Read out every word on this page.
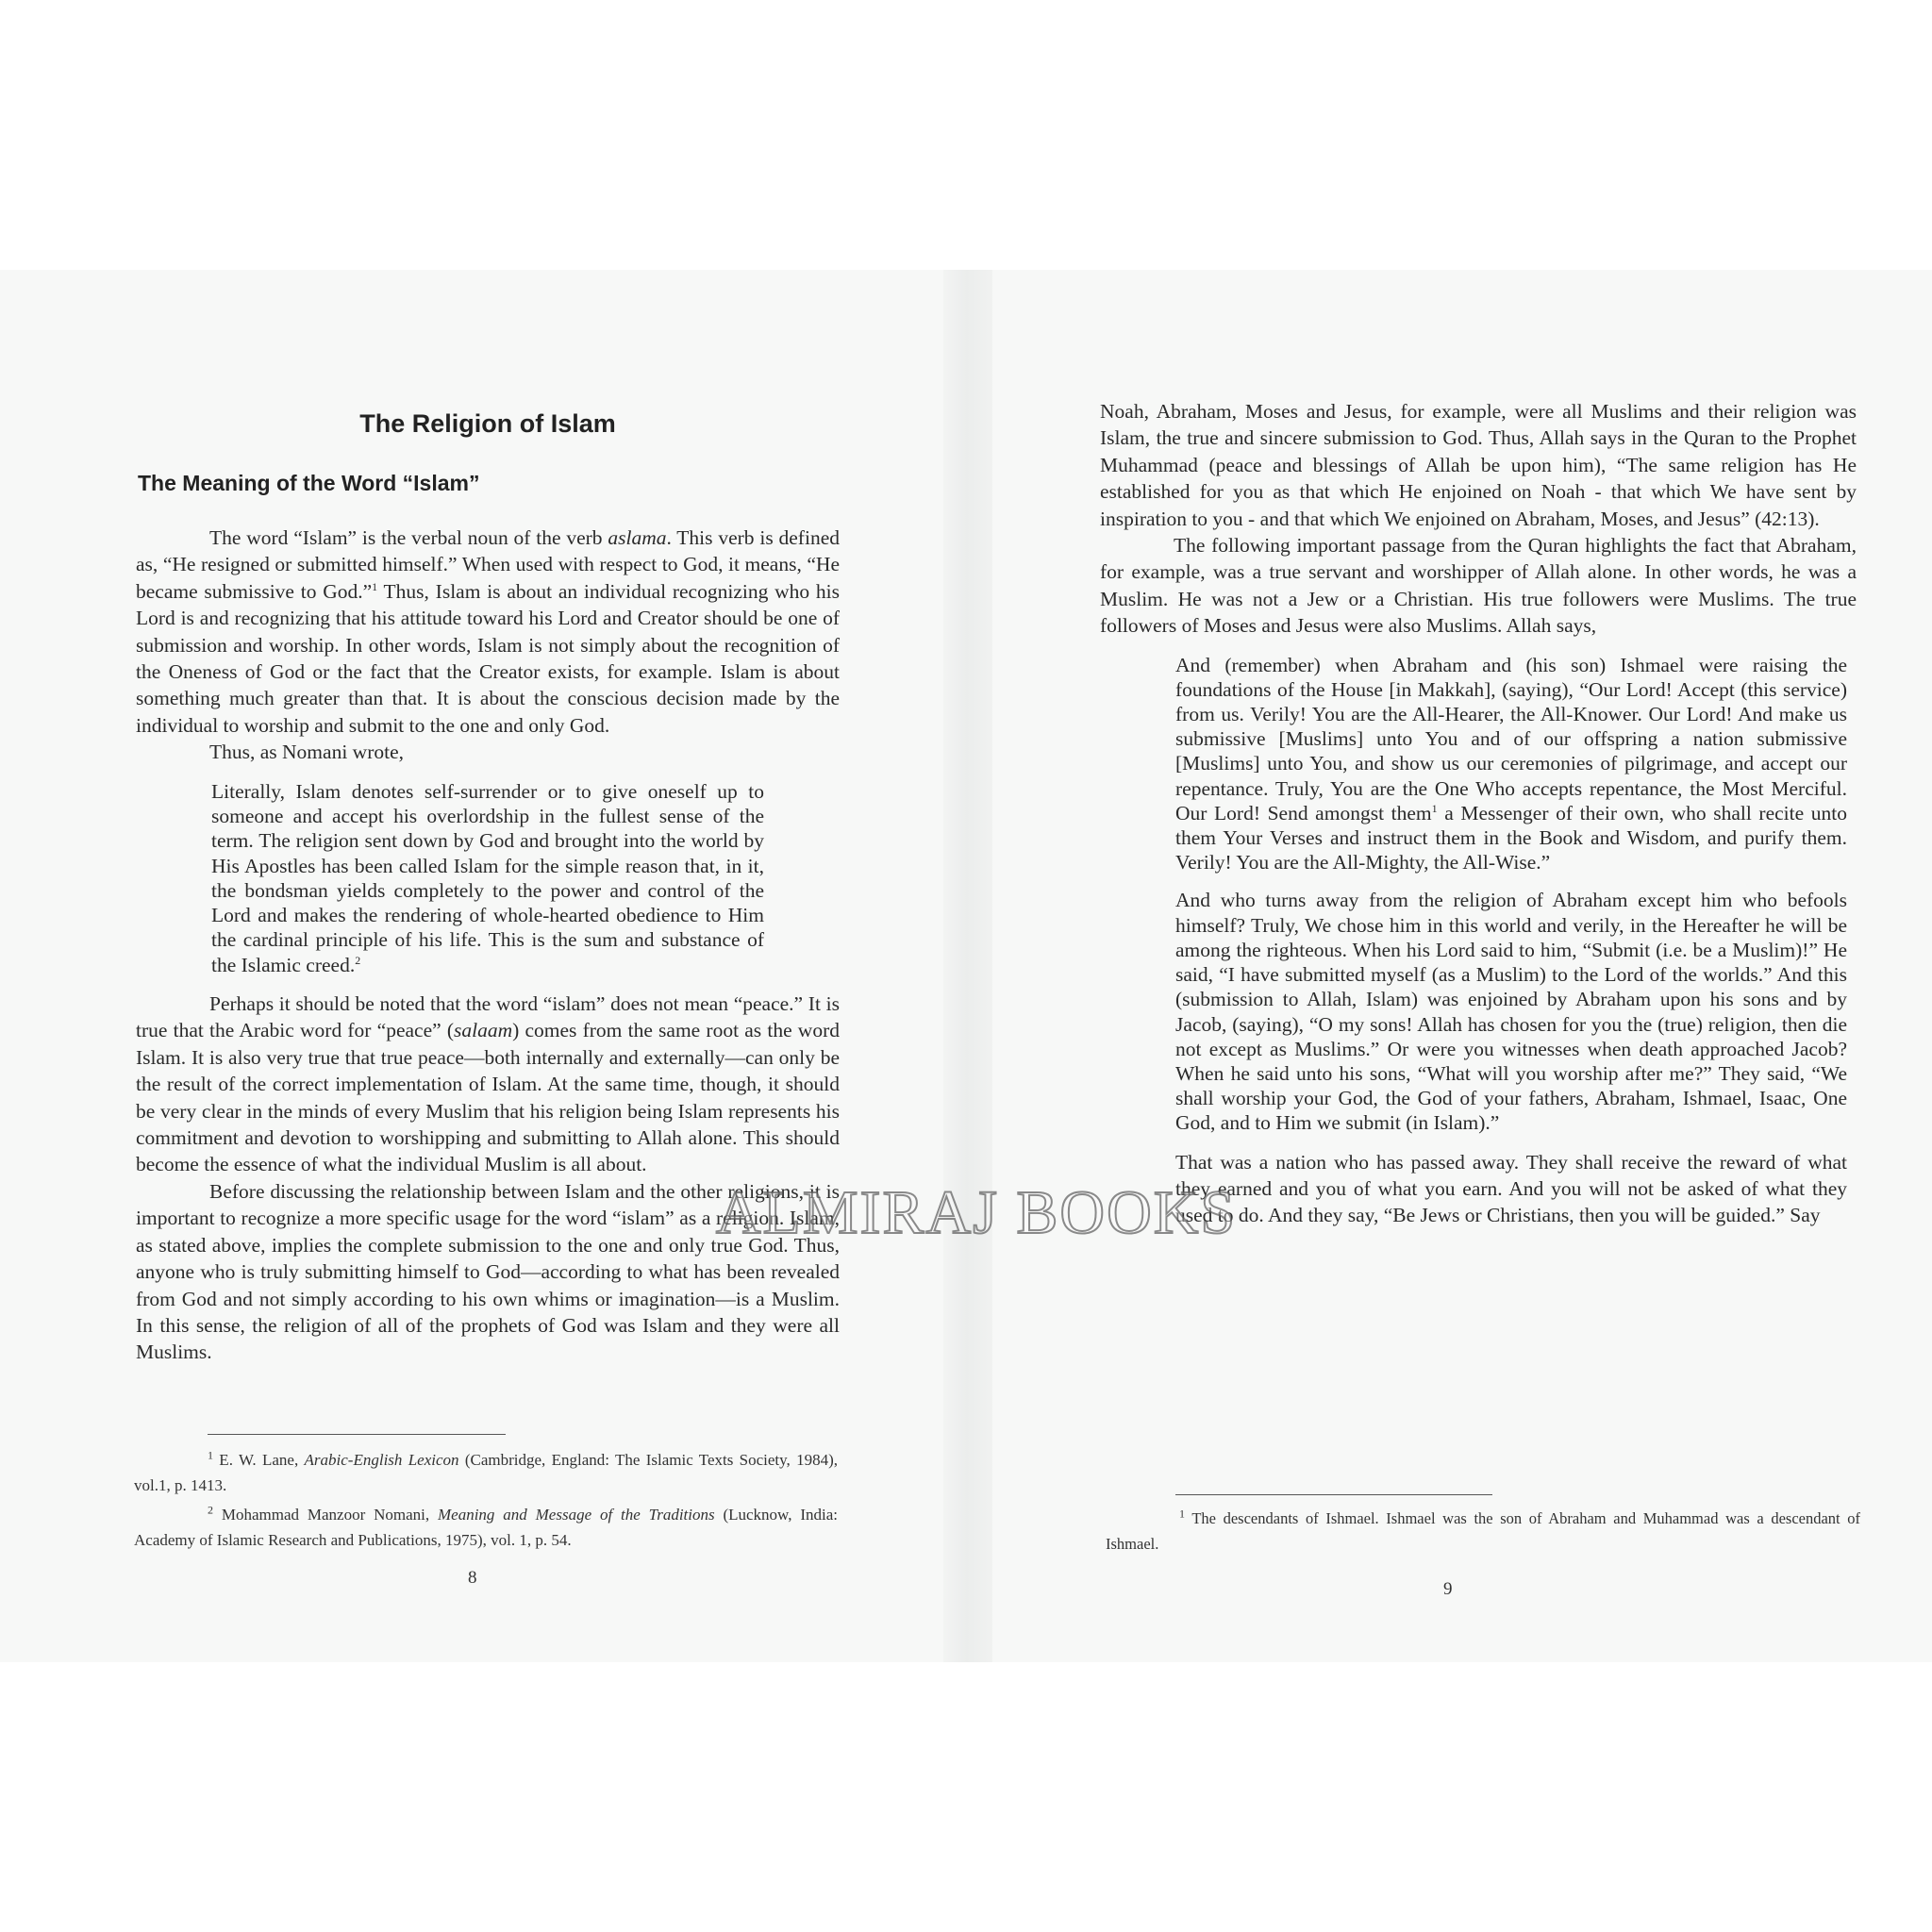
The Religion of Islam
The Meaning of the Word “Islam”

The word “Islam” is the verbal noun of the verb aslama. This verb is defined as, “He resigned or submitted himself.” When used with respect to God, it means, “He became submissive to God.”$^1$ Thus, Islam is about an individual recognizing who his Lord is and recognizing that his attitude toward his Lord and Creator should be one of submission and worship. In other words, Islam is not simply about the recognition of the Oneness of God or the fact that the Creator exists, for example. Islam is about something much greater than that. It is about the conscious decision made by the individual to worship and submit to the one and only God.

Thus, as Nomani wrote,

Literally, Islam denotes self-surrender or to give oneself up to someone and accept his overlordship in the fullest sense of the term. The religion sent down by God and brought into the world by His Apostles has been called Islam for the simple reason that, in it, the bondsman yields completely to the power and control of the Lord and makes the rendering of whole-hearted obedience to Him the cardinal principle of his life. This is the sum and substance of the Islamic creed.$^2$

Perhaps it should be noted that the word “islam” does not mean “peace.” It is true that the Arabic word for “peace” (salaam) comes from the same root as the word Islam. It is also very true that true peace—both internally and externally—can only be the result of the correct implementation of Islam. At the same time, though, it should be very clear in the minds of every Muslim that his religion being Islam represents his commitment and devotion to worshipping and submitting to Allah alone. This should become the essence of what the individual Muslim is all about.

Before discussing the relationship between Islam and the other religions, it is important to recognize a more specific usage for the word “islam” as a religion. Islam, as stated above, implies the complete submission to the one and only true God. Thus, anyone who is truly submitting himself to God—according to what has been revealed from God and not simply according to his own whims or imagination—is a Muslim. In this sense, the religion of all of the prophets of God was Islam and they were all Muslims.

$^1$ E. W. Lane, Arabic-English Lexicon (Cambridge, England: The Islamic Texts Society, 1984), vol.1, p. 1413.

$^2$ Mohammad Manzoor Nomani, Meaning and Message of the Traditions (Lucknow, India: Academy of Islamic Research and Publications, 1975), vol. 1, p. 54.

8

Noah, Abraham, Moses and Jesus, for example, were all Muslims and their religion was Islam, the true and sincere submission to God. Thus, Allah says in the Quran to the Prophet Muhammad (peace and blessings of Allah be upon him), “The same religion has He established for you as that which He enjoined on Noah - that which We have sent by inspiration to you - and that which We enjoined on Abraham, Moses, and Jesus” (42:13).

The following important passage from the Quran highlights the fact that Abraham, for example, was a true servant and worshipper of Allah alone. In other words, he was a Muslim. He was not a Jew or a Christian. His true followers were Muslims. The true followers of Moses and Jesus were also Muslims. Allah says,

And (remember) when Abraham and (his son) Ishmael were raising the foundations of the House [in Makkah], (saying), “Our Lord! Accept (this service) from us. Verily! You are the All-Hearer, the All-Knower. Our Lord! And make us submissive [Muslims] unto You and of our offspring a nation submissive [Muslims] unto You, and show us our ceremonies of pilgrimage, and accept our repentance. Truly, You are the One Who accepts repentance, the Most Merciful. Our Lord! Send amongst them$^1$ a Messenger of their own, who shall recite unto them Your Verses and instruct them in the Book and Wisdom, and purify them. Verily! You are the All-Mighty, the All-Wise.”

And who turns away from the religion of Abraham except him who befools himself? Truly, We chose him in this world and verily, in the Hereafter he will be among the righteous. When his Lord said to him, “Submit (i.e. be a Muslim)!” He said, “I have submitted myself (as a Muslim) to the Lord of the worlds.” And this (submission to Allah, Islam) was enjoined by Abraham upon his sons and by Jacob, (saying), “O my sons! Allah has chosen for you the (true) religion, then die not except as Muslims.” Or were you witnesses when death approached Jacob? When he said unto his sons, “What will you worship after me?” They said, “We shall worship your God, the God of your fathers, Abraham, Ishmael, Isaac, One God, and to Him we submit (in Islam).”

That was a nation who has passed away. They shall receive the reward of what they earned and you of what you earn. And you will not be asked of what they used to do. And they say, “Be Jews or Christians, then you will be guided.” Say

$^1$ The descendants of Ishmael. Ishmael was the son of Abraham and Muhammad was a descendant of Ishmael.

9
ALMIRAJ BOOKS
